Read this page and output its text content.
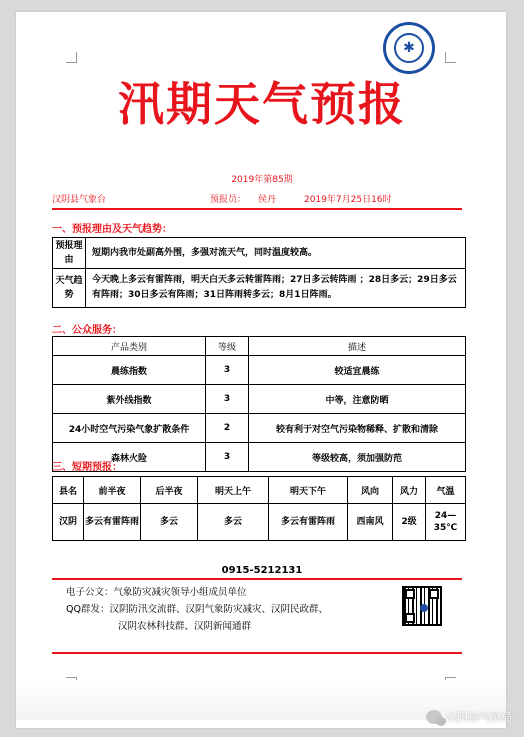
✱
汛期天气预报
2019年第85期
汉阴县气象台	预报员： 侯丹	2019年7月25日16时
一、预报理由及天气趋势：
预报理由	短期内我市处副高外围，多强对流天气，同时温度较高。
天气趋势	今天晚上多云有雷阵雨，明天白天多云转雷阵雨；27日多云转阵雨 ；28日多云；29日多云有阵雨；30日多云有阵雨；31日阵雨转多云；8月1日阵雨。
二、公众服务：
产品类别	等级	描述
晨练指数	3	较适宜晨练
紫外线指数	3	中等，注意防晒
24小时空气污染气象扩散条件	2	较有利于对空气污染物稀释、扩散和清除
森林火险	3	等级较高，须加强防范
三、短期预报：
县名	前半夜	后半夜	明天上午	明天下午	风向	风力	气温
汉阴	多云有雷阵雨	多云	多云	多云有雷阵雨	西南风	2级	24—35℃
0915-5212131
电子公文：气象防灾减灾领导小组成员单位
QQ群发：汉阴防汛交流群、汉阴气象防灾减灾、汉阴民政群、
汉阴农林科技群、汉阴新闻通群
汉阴县气象局
